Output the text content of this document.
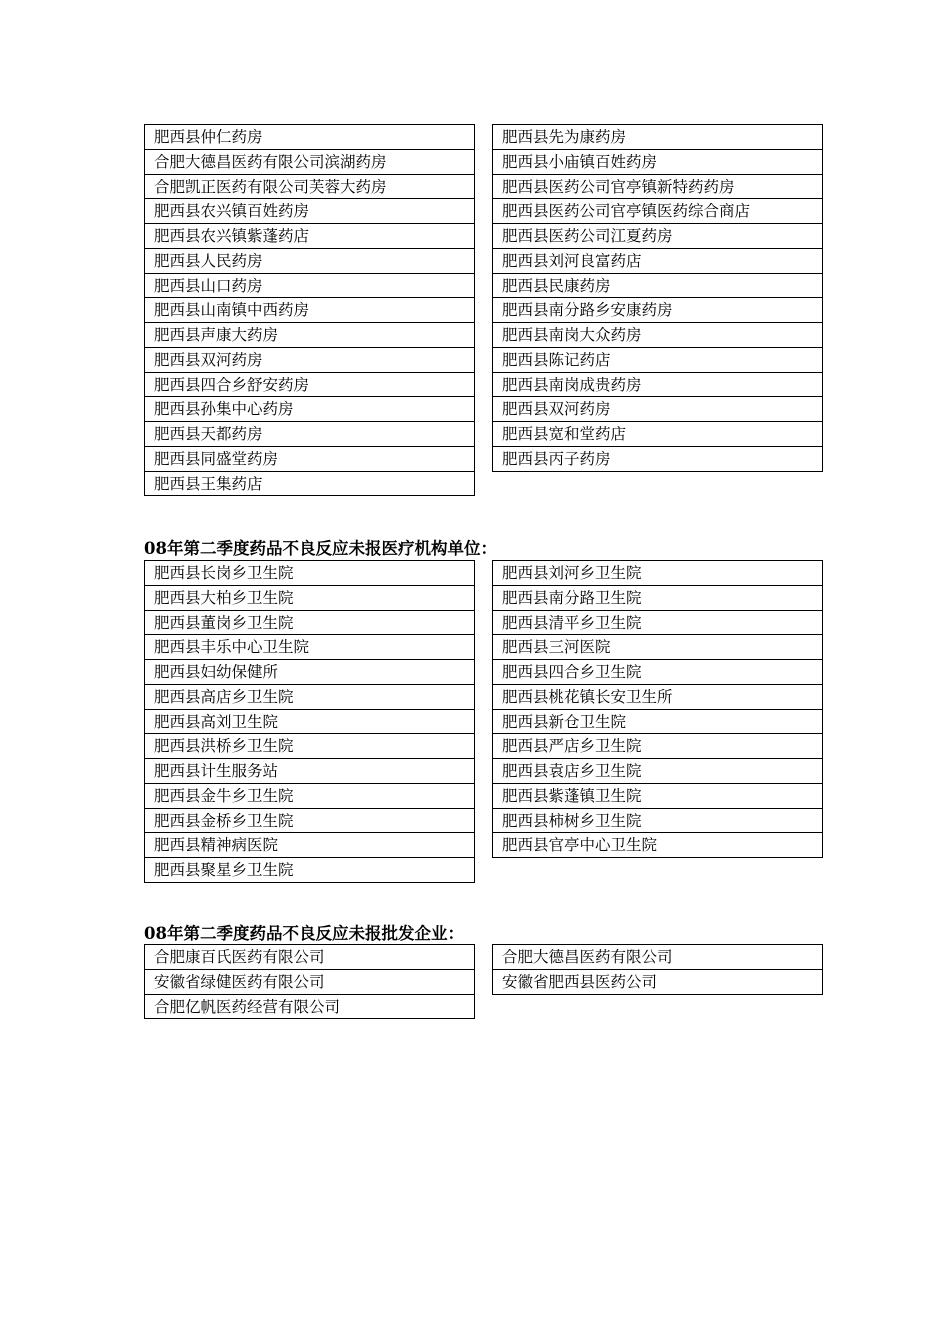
肥西县仲仁药房
合肥大德昌医药有限公司滨湖药房
合肥凯正医药有限公司芙蓉大药房
肥西县农兴镇百姓药房
肥西县农兴镇紫蓬药店
肥西县人民药房
肥西县山口药房
肥西县山南镇中西药房
肥西县声康大药房
肥西县双河药房
肥西县四合乡舒安药房
肥西县孙集中心药房
肥西县天都药房
肥西县同盛堂药房
肥西县王集药店
肥西县先为康药房
肥西县小庙镇百姓药房
肥西县医药公司官亭镇新特药药房
肥西县医药公司官亭镇医药综合商店
肥西县医药公司江夏药房
肥西县刘河良富药店
肥西县民康药房
肥西县南分路乡安康药房
肥西县南岗大众药房
肥西县陈记药店
肥西县南岗成贵药房
肥西县双河药房
肥西县宽和堂药店
肥西县丙子药房
08年第二季度药品不良反应未报医疗机构单位：
肥西县长岗乡卫生院
肥西县大柏乡卫生院
肥西县董岗乡卫生院
肥西县丰乐中心卫生院
肥西县妇幼保健所
肥西县高店乡卫生院
肥西县高刘卫生院
肥西县洪桥乡卫生院
肥西县计生服务站
肥西县金牛乡卫生院
肥西县金桥乡卫生院
肥西县精神病医院
肥西县聚星乡卫生院
肥西县刘河乡卫生院
肥西县南分路卫生院
肥西县清平乡卫生院
肥西县三河医院
肥西县四合乡卫生院
肥西县桃花镇长安卫生所
肥西县新仓卫生院
肥西县严店乡卫生院
肥西县袁店乡卫生院
肥西县紫蓬镇卫生院
肥西县柿树乡卫生院
肥西县官亭中心卫生院
08年第二季度药品不良反应未报批发企业：
合肥康百氏医药有限公司
安徽省绿健医药有限公司
合肥亿帆医药经营有限公司
合肥大德昌医药有限公司
安徽省肥西县医药公司
